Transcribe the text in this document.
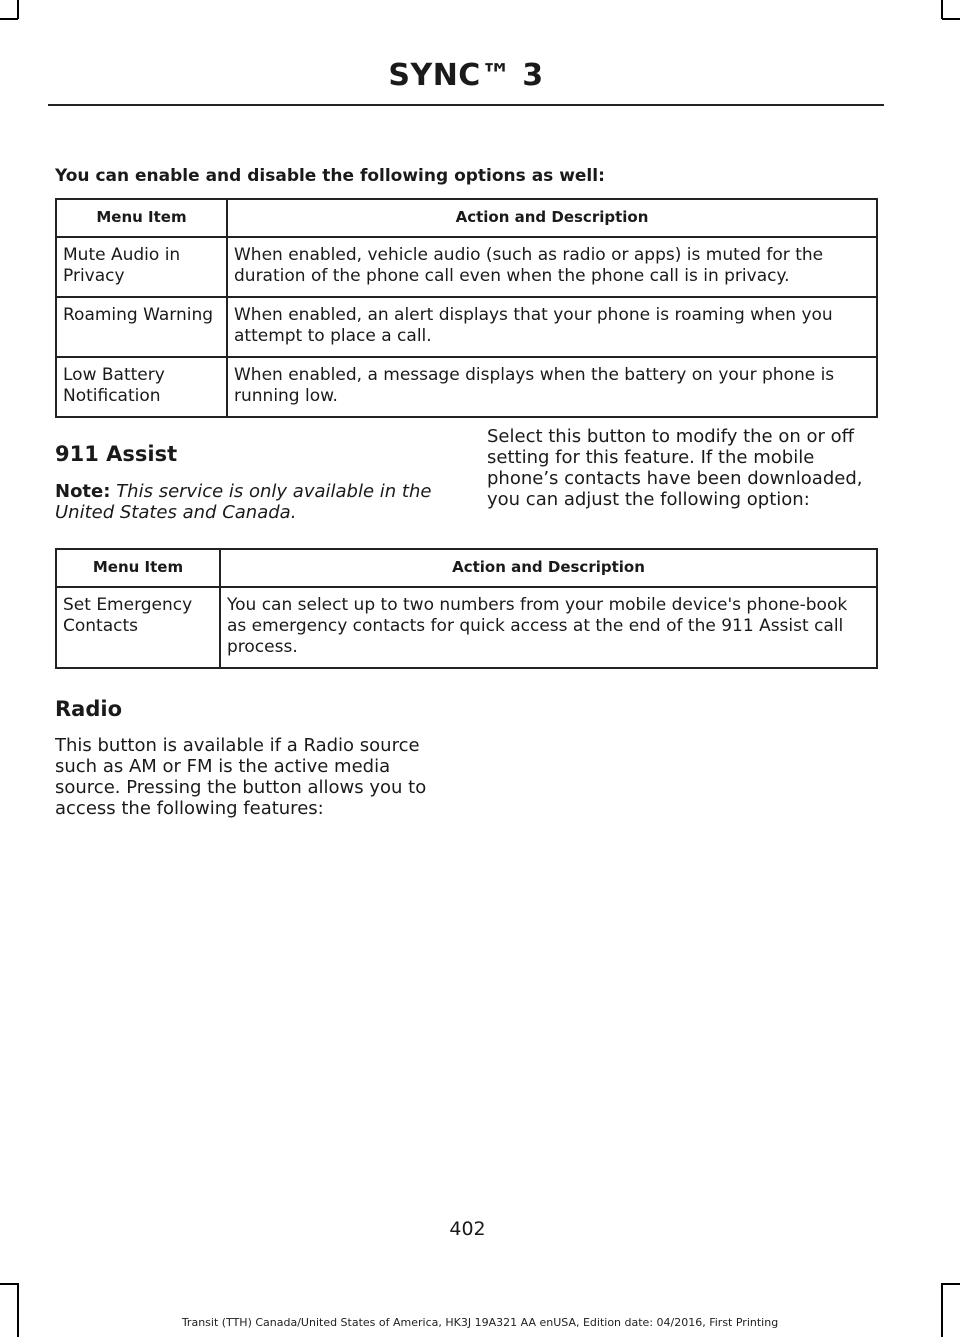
SYNC™ 3
You can enable and disable the following options as well:
Menu Item	Action and Description
Mute Audio in Privacy	When enabled, vehicle audio (such as radio or apps) is muted for the duration of the phone call even when the phone call is in privacy.
Roaming Warning	When enabled, an alert displays that your phone is roaming when you attempt to place a call.
Low Battery Notification	When enabled, a message displays when the battery on your phone is running low.
911 Assist
Note: This service is only available in the United States and Canada.
Select this button to modify the on or off setting for this feature. If the mobile phone’s contacts have been downloaded, you can adjust the following option:
Menu Item	Action and Description
Set Emergency Contacts	You can select up to two numbers from your mobile device's phone-book as emergency contacts for quick access at the end of the 911 Assist call process.
Radio
This button is available if a Radio source such as AM or FM is the active media source. Pressing the button allows you to access the following features:
402
Transit (TTH) Canada/United States of America, HK3J 19A321 AA enUSA, Edition date: 04/2016, First Printing
